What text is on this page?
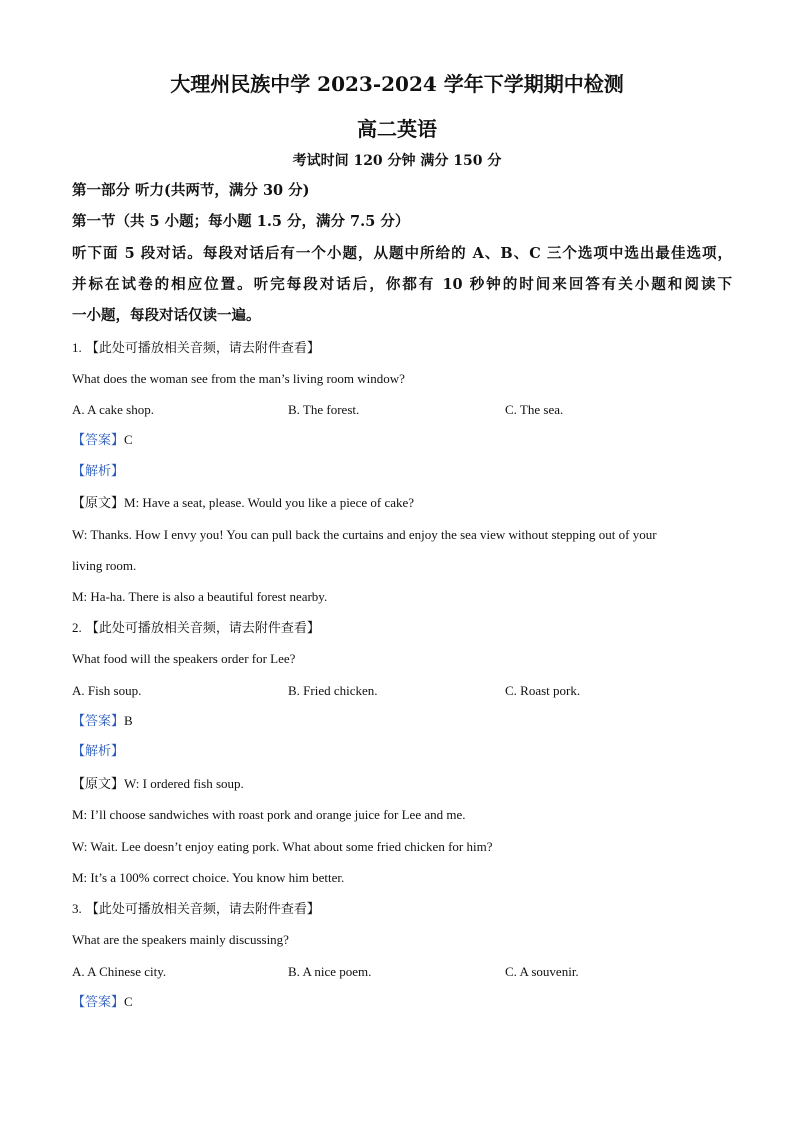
大理州民族中学 2023-2024 学年下学期期中检测
高二英语
考试时间 120 分钟 满分 150 分
第一部分 听力(共两节，满分 30 分)
第一节（共 5 小题；每小题 1.5 分，满分 7.5 分）
听下面 5 段对话。每段对话后有一个小题，从题中所给的 A、B、C 三个选项中选出最佳选项，
并标在试卷的相应位置。听完每段对话后，你都有 10 秒钟的时间来回答有关小题和阅读下
一小题，每段对话仅读一遍。
1. 【此处可播放相关音频，请去附件查看】
What does the woman see from the man’s living room window?
A. A cake shop.	B. The forest.	C. The sea.
【答案】C
【解析】
【原文】M: Have a seat, please. Would you like a piece of cake?
W: Thanks. How I envy you! You can pull back the curtains and enjoy the sea view without stepping out of your
living room.
M: Ha-ha. There is also a beautiful forest nearby.
2. 【此处可播放相关音频，请去附件查看】
What food will the speakers order for Lee?
A. Fish soup.	B. Fried chicken.	C. Roast pork.
【答案】B
【解析】
【原文】W: I ordered fish soup.
M: I’ll choose sandwiches with roast pork and orange juice for Lee and me.
W: Wait. Lee doesn’t enjoy eating pork. What about some fried chicken for him?
M: It’s a 100% correct choice. You know him better.
3. 【此处可播放相关音频，请去附件查看】
What are the speakers mainly discussing?
A. A Chinese city.	B. A nice poem.	C. A souvenir.
【答案】C
